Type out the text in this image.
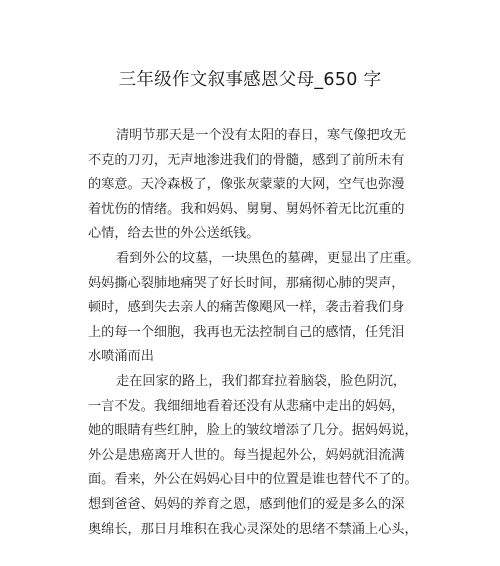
三年级作文叙事感恩父母_650 字

清明节那天是一个没有太阳的春日，寒气像把攻无
不克的刀刃，无声地渗进我们的骨髓，感到了前所未有
的寒意。天冷森极了，像张灰蒙蒙的大网，空气也弥漫
着忧伤的情绪。我和妈妈、舅舅、舅妈怀着无比沉重的
心情，给去世的外公送纸钱。

看到外公的坟墓，一块黑色的墓碑，更显出了庄重。
妈妈撕心裂肺地痛哭了好长时间，那痛彻心肺的哭声，
顿时，感到失去亲人的痛苦像飓风一样，袭击着我们身
上的每一个细胞，我再也无法控制自己的感情，任凭泪
水喷涌而出

走在回家的路上，我们都耷拉着脑袋，脸色阴沉，
一言不发。我细细地看着还没有从悲痛中走出的妈妈，
她的眼睛有些红肿，脸上的皱纹增添了几分。据妈妈说，
外公是患癌离开人世的。每当提起外公，妈妈就泪流满
面。看来，外公在妈妈心目中的位置是谁也替代不了的。
想到爸爸、妈妈的养育之恩，感到他们的爱是多么的深
奥绵长，那日月堆积在我心灵深处的思绪不禁涌上心头，
